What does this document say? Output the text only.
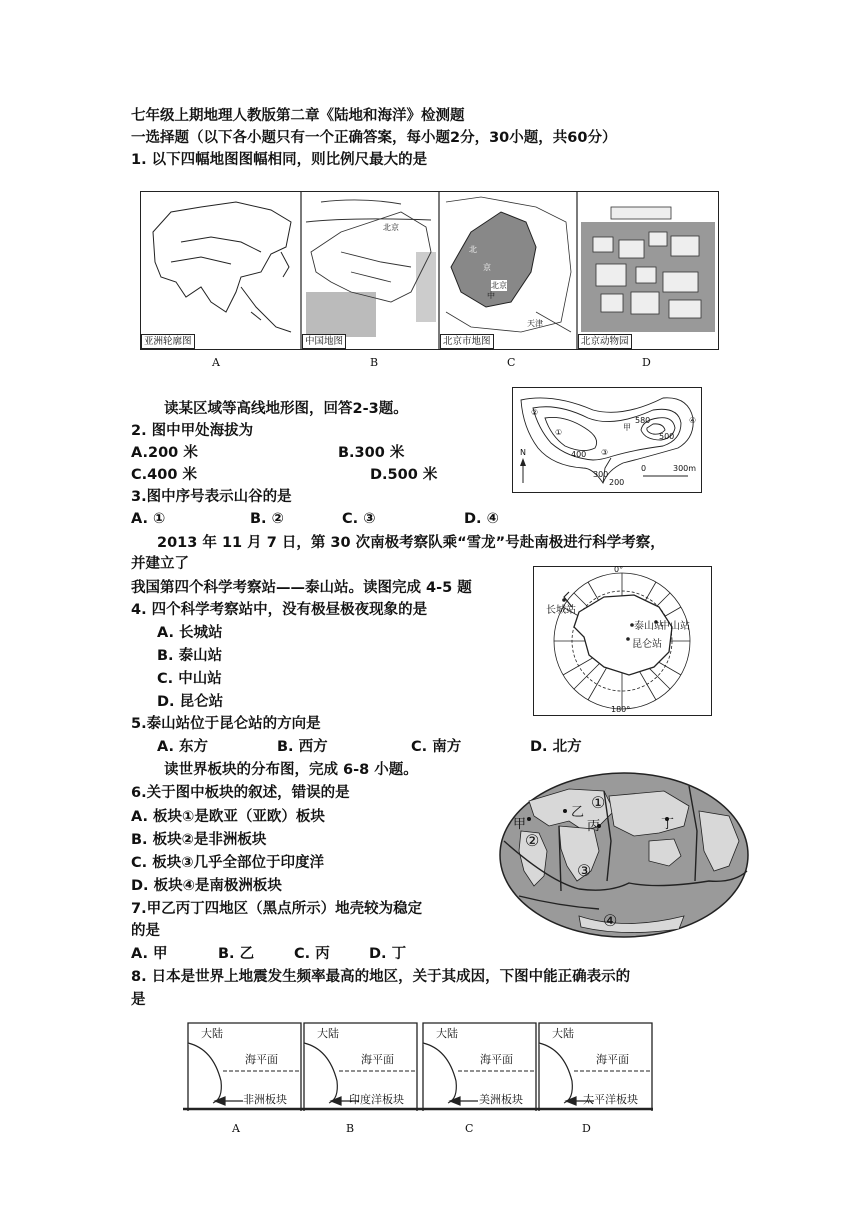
七年级上期地理人教版第二章《陆地和海洋》检测题
一选择题（以下各小题只有一个正确答案，每小题2分，30小题，共60分）
1. 以下四幅地图图幅相同，则比例尺最大的是
北
京
中
北京
天津
北京
亚洲轮廓图	中国地图	北京市地图	北京动物园
A	B	C	D
②
①
③
④
甲
580
500
400
300
200
N
0	300m
读某区域等高线地形图，回答2-3题。
2. 图中甲处海拔为
A.200 米	B.300 米
C.400 米	D.500 米
3.图中序号表示山谷的是
A. ①	B. ②	C. ③	D. ④
2013 年 11 月 7 日，第 30 次南极考察队乘“雪龙”号赴南极进行科学考察，
并建立了
我国第四个科学考察站——泰山站。读图完成 4-5 题
0°
180°
长城站
泰山站
中山站
昆仑站
4. 四个科学考察站中，没有极昼极夜现象的是
A. 长城站
B. 泰山站
C. 中山站
D. 昆仑站
5.泰山站位于昆仑站的方向是
A. 东方	B. 西方	C. 南方	D. 北方
①
②
③
④
甲
乙
丙	丁
读世界板块的分布图，完成 6-8 小题。
6.关于图中板块的叙述，错误的是
A. 板块①是欧亚（亚欧）板块
B. 板块②是非洲板块
C. 板块③几乎全部位于印度洋
D. 板块④是南极洲板块
7.甲乙丙丁四地区（黑点所示）地壳较为稳定
的是
A. 甲	B. 乙	C. 丙	D. 丁
8. 日本是世界上地震发生频率最高的地区，关于其成因，下图中能正确表示的
是
大陆
海平面
非洲板块
大陆
海平面
印度洋板块
大陆
海平面
美洲板块
大陆
海平面
太平洋板块
A	B	C	D
